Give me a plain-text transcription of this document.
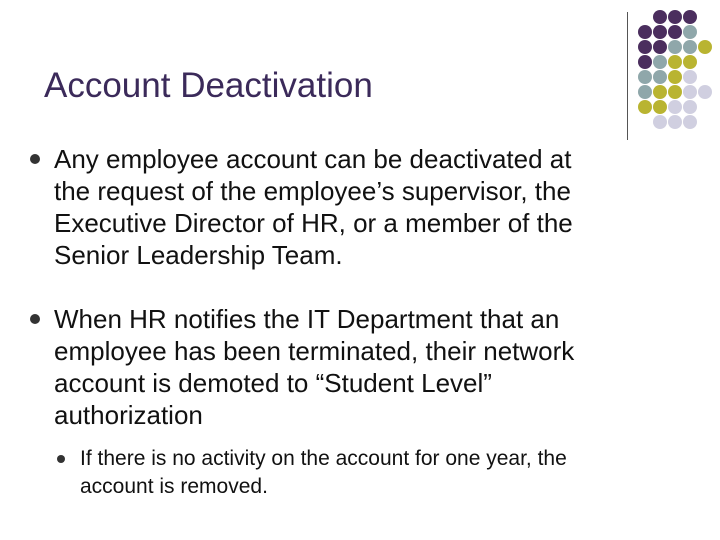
Account Deactivation
Any employee account can be deactivated at
the request of the employee’s supervisor, the
Executive Director of HR, or a member of the
Senior Leadership Team.
When HR notifies the IT Department that an
employee has been terminated, their network
account is demoted to “Student Level”
authorization
If there is no activity on the account for one year, the
account is removed.
